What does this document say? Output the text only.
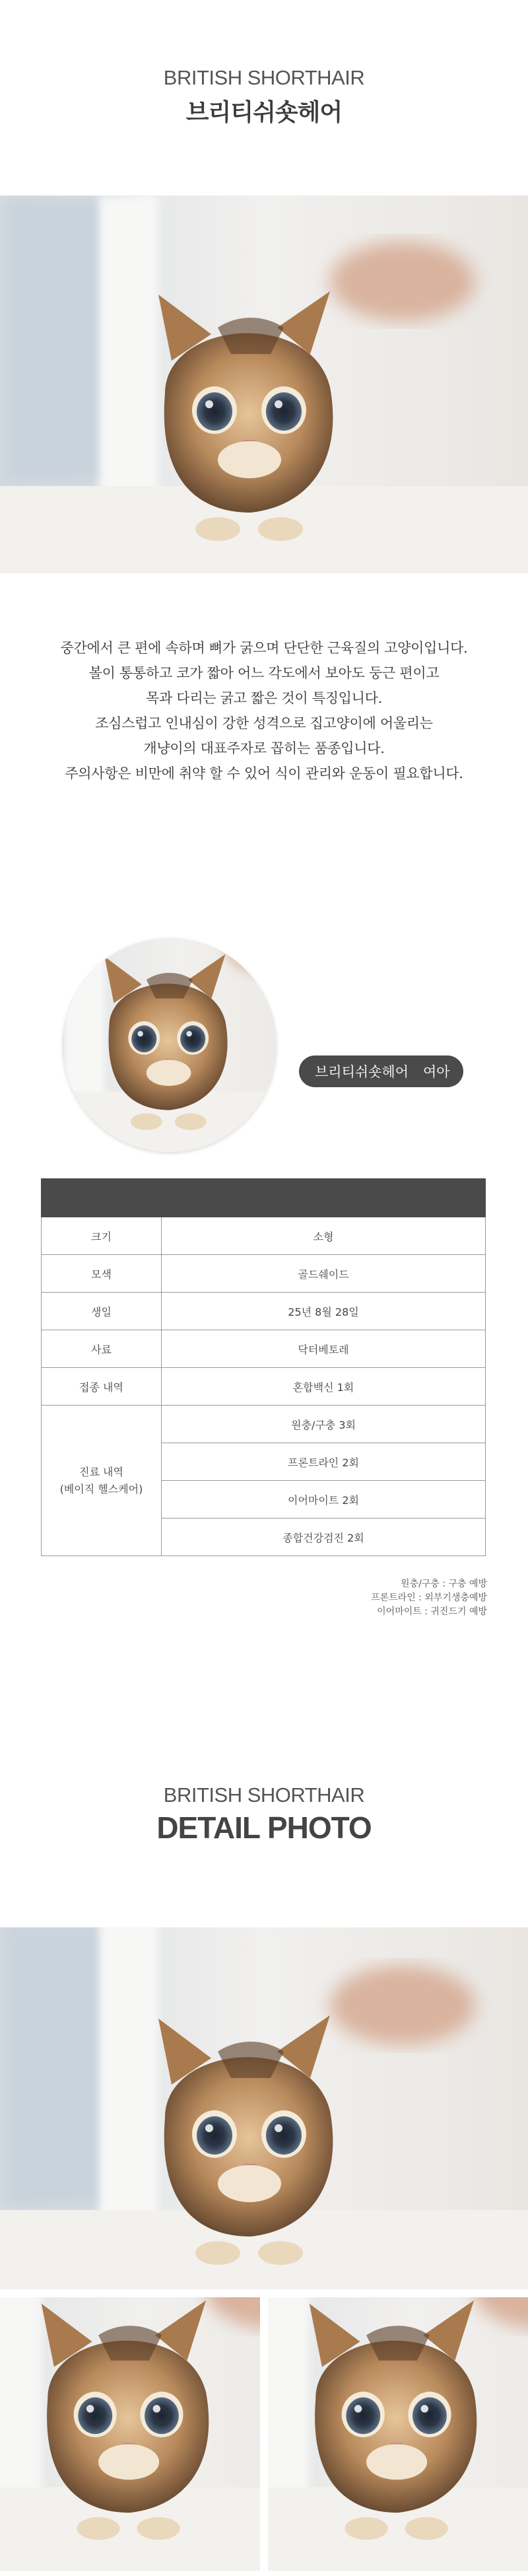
BRITISH SHORTHAIR
브리티쉬숏헤어

중간에서 큰 편에 속하며 뼈가 굵으며 단단한 근육질의 고양이입니다.

볼이 통통하고 코가 짧아 어느 각도에서 보아도 둥근 편이고

목과 다리는 굵고 짧은 것이 특징입니다.

조심스럽고 인내심이 강한 성격으로 집고양이에 어울리는

개냥이의 대표주자로 꼽히는 품종입니다.

주의사항은 비만에 취약 할 수 있어 식이 관리와 운동이 필요합니다.

브리티쉬숏헤어 여아

크기	소형
모색	골드쉐이드
생일	25년 8월 28일
사료	닥터베토레
접종 내역	혼합백신 1회

진료 내역
(베이직 헬스케어)	원충/구충 3회
	프론트라인 2회
	이어마이트 2회
	종합건강검진 2회
원충/구충 : 구충 예방
프론트라인 : 외부기생충예방
이어마이트 : 귀진드기 예방
BRITISH SHORTHAIR
DETAIL PHOTO
